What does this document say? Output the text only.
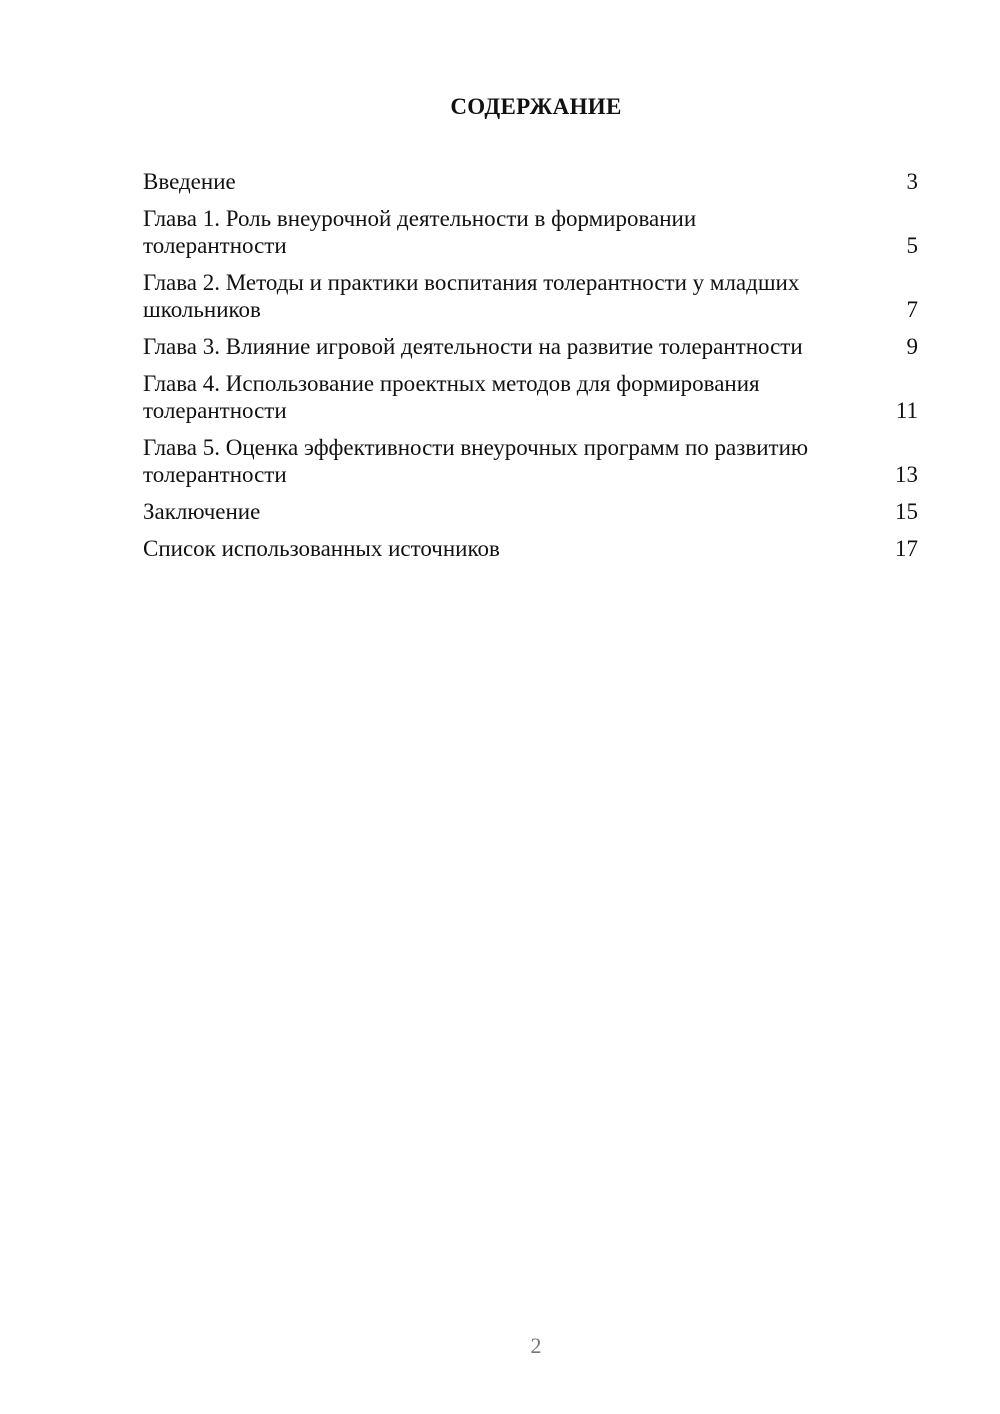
СОДЕРЖАНИЕ
Введение	3
Глава 1. Роль внеурочной деятельности в формировании толерантности	5
Глава 2. Методы и практики воспитания толерантности у младших школьников	7
Глава 3. Влияние игровой деятельности на развитие толерантности	9
Глава 4. Использование проектных методов для формирования толерантности	11
Глава 5. Оценка эффективности внеурочных программ по развитию толерантности	13
Заключение	15
Список использованных источников	17
2
